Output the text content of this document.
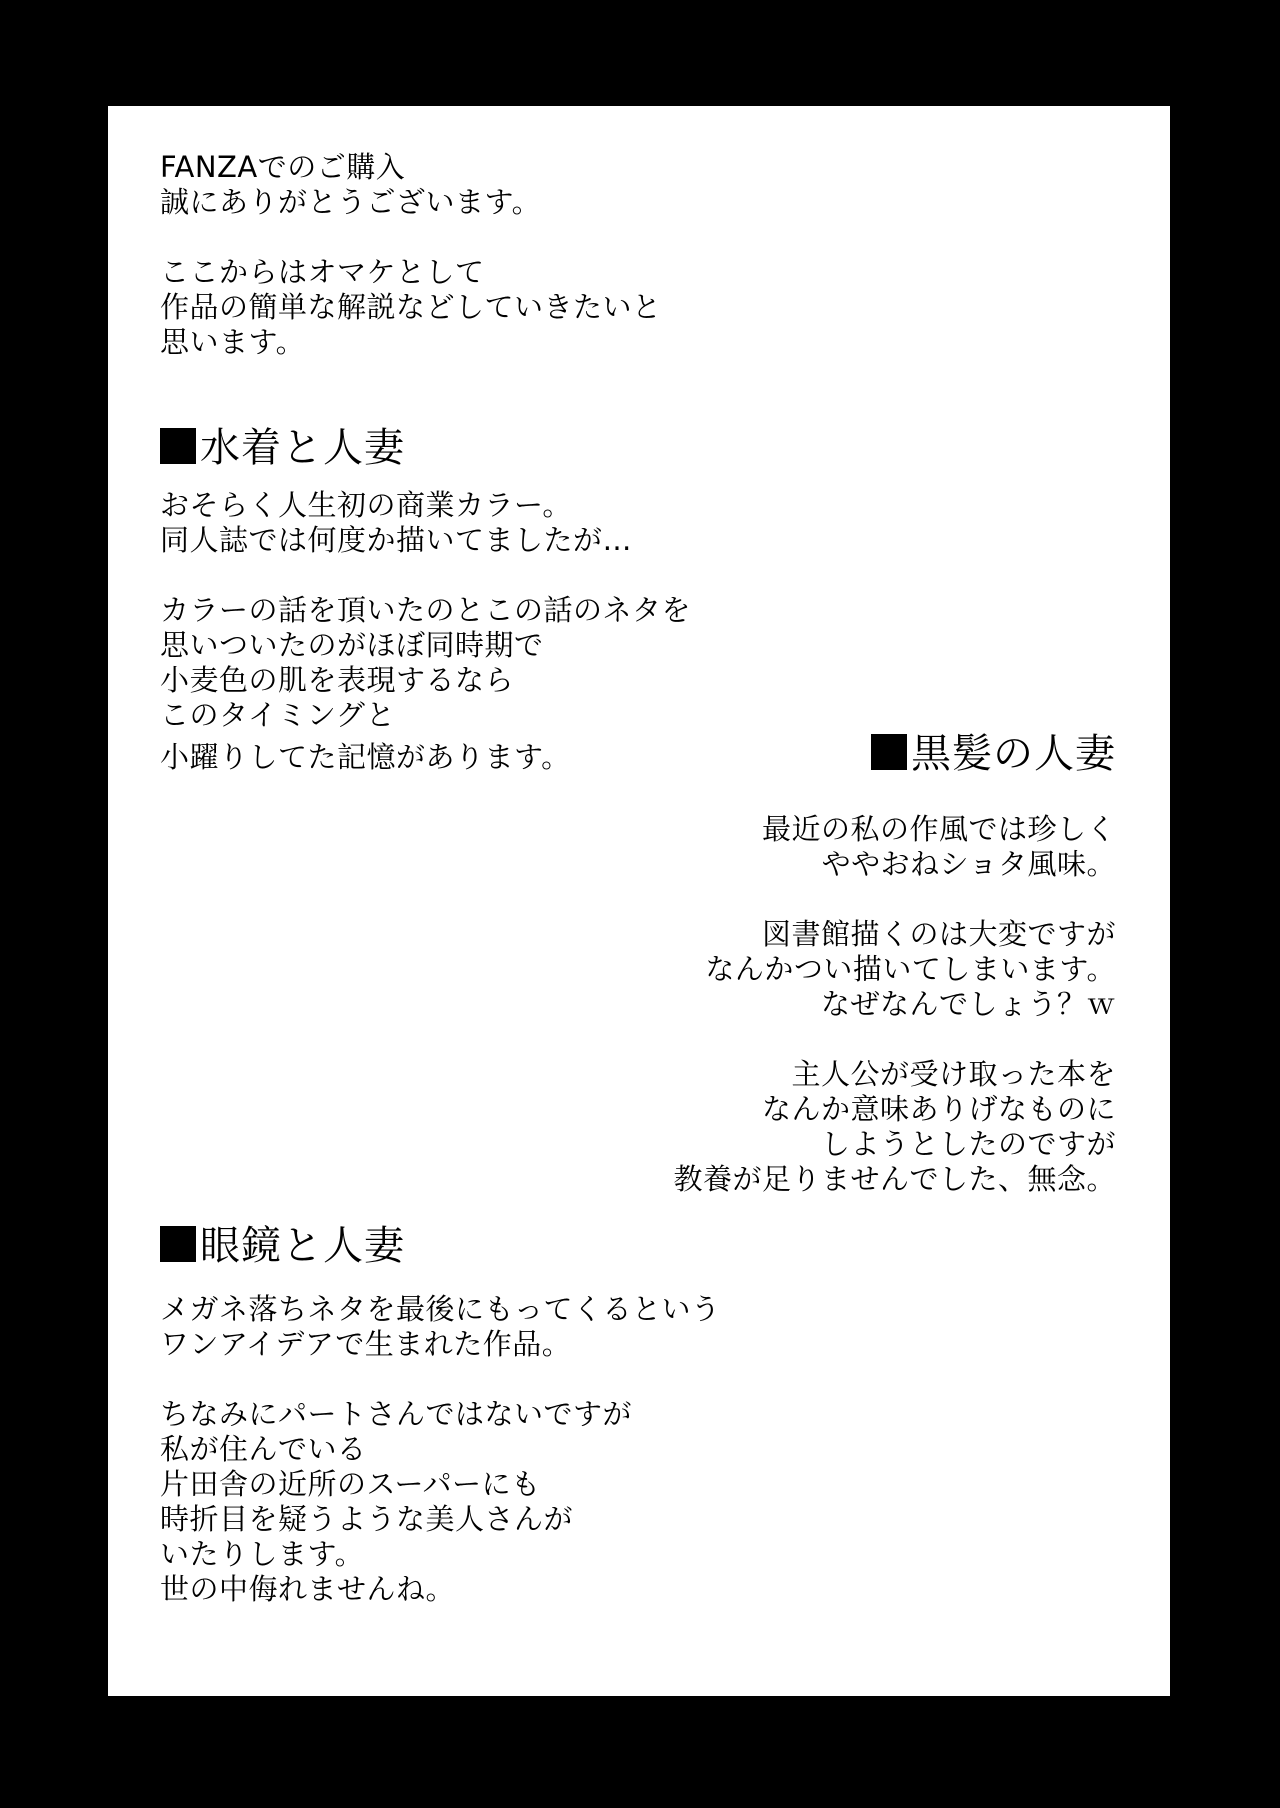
FANZAでのご購入
誠にありがとうございます。
ここからはオマケとして
作品の簡単な解説などしていきたいと
思います。
水着と人妻
おそらく人生初の商業カラー。
同人誌では何度か描いてましたが…
カラーの話を頂いたのとこの話のネタを
思いついたのがほぼ同時期で
小麦色の肌を表現するなら
このタイミングと
小躍りしてた記憶があります。	黒髪の人妻
最近の私の作風では珍しく
ややおねショタ風味。
図書館描くのは大変ですが
なんかつい描いてしまいます。
なぜなんでしょう？ｗ
主人公が受け取った本を
なんか意味ありげなものに
しようとしたのですが
教養が足りませんでした、無念。
眼鏡と人妻
メガネ落ちネタを最後にもってくるという
ワンアイデアで生まれた作品。
ちなみにパートさんではないですが
私が住んでいる
片田舎の近所のスーパーにも
時折目を疑うような美人さんが
いたりします。
世の中侮れませんね。
